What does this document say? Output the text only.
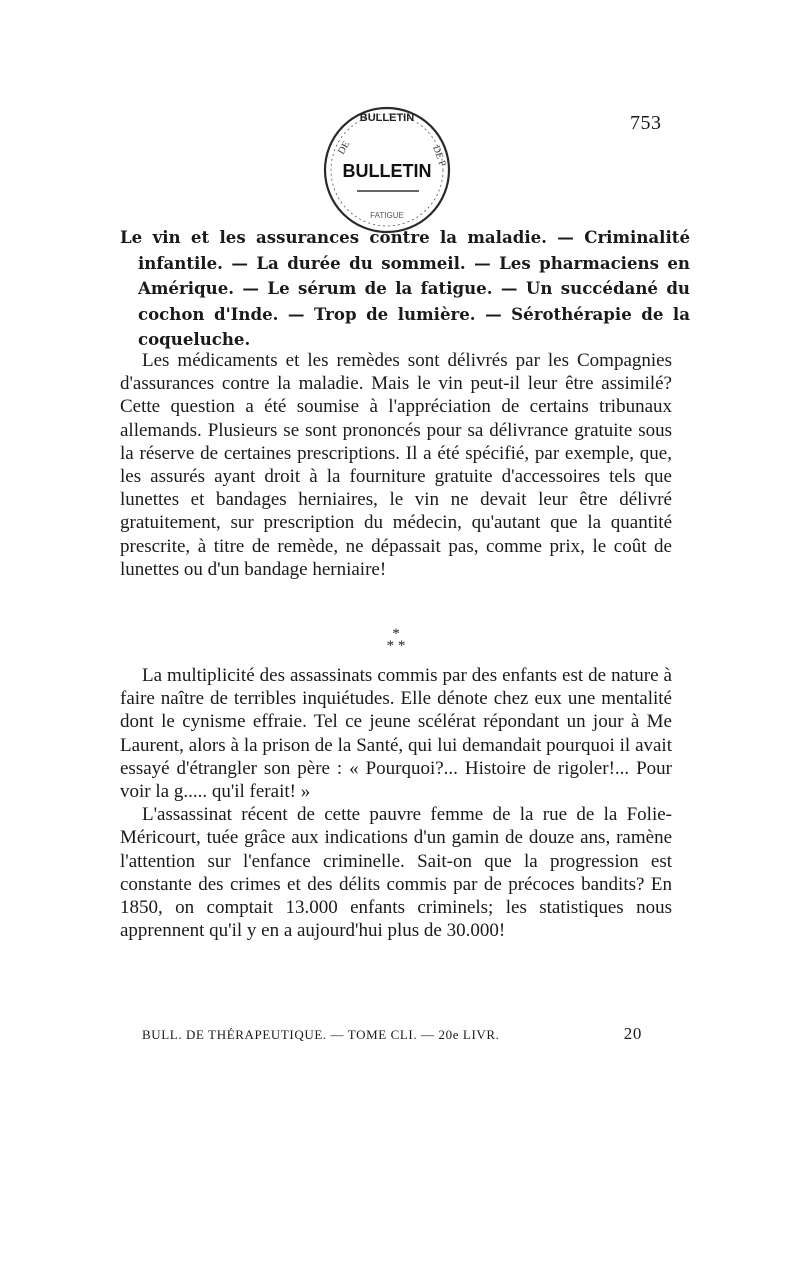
BULLETIN
BULLETIN
DE	DE P
FATIGUE
753
Le vin et les assurances contre la maladie. — Criminalité infantile. — La durée du sommeil. — Les pharmaciens en Amérique. — Le sérum de la fatigue. — Un succédané du cochon d'Inde. — Trop de lumière. — Sérothérapie de la coqueluche.

Les médicaments et les remèdes sont délivrés par les Compagnies d'assurances contre la maladie. Mais le vin peut-il leur être assimilé? Cette question a été soumise à l'appréciation de certains tribunaux allemands. Plusieurs se sont prononcés pour sa délivrance gratuite sous la réserve de certaines prescriptions. Il a été spécifié, par exemple, que, les assurés ayant droit à la fourniture gratuite d'accessoires tels que lunettes et bandages herniaires, le vin ne devait leur être délivré gratuitement, sur prescription du médecin, qu'autant que la quantité prescrite, à titre de remède, ne dépassait pas, comme prix, le coût de lunettes ou d'un bandage herniaire!

*
* *

La multiplicité des assassinats commis par des enfants est de nature à faire naître de terribles inquiétudes. Elle dénote chez eux une mentalité dont le cynisme effraie. Tel ce jeune scélérat répondant un jour à Me Laurent, alors à la prison de la Santé, qui lui demandait pourquoi il avait essayé d'étrangler son père : « Pourquoi?... Histoire de rigoler!... Pour voir la g..... qu'il ferait! »

L'assassinat récent de cette pauvre femme de la rue de la Folie-Méricourt, tuée grâce aux indications d'un gamin de douze ans, ramène l'attention sur l'enfance criminelle. Sait-on que la progression est constante des crimes et des délits commis par de précoces bandits? En 1850, on comptait 13.000 enfants criminels; les statistiques nous apprennent qu'il y en a aujourd'hui plus de 30.000!

BULL. DE THÉRAPEUTIQUE. — TOME CLI. — 20e LIVR.	20
